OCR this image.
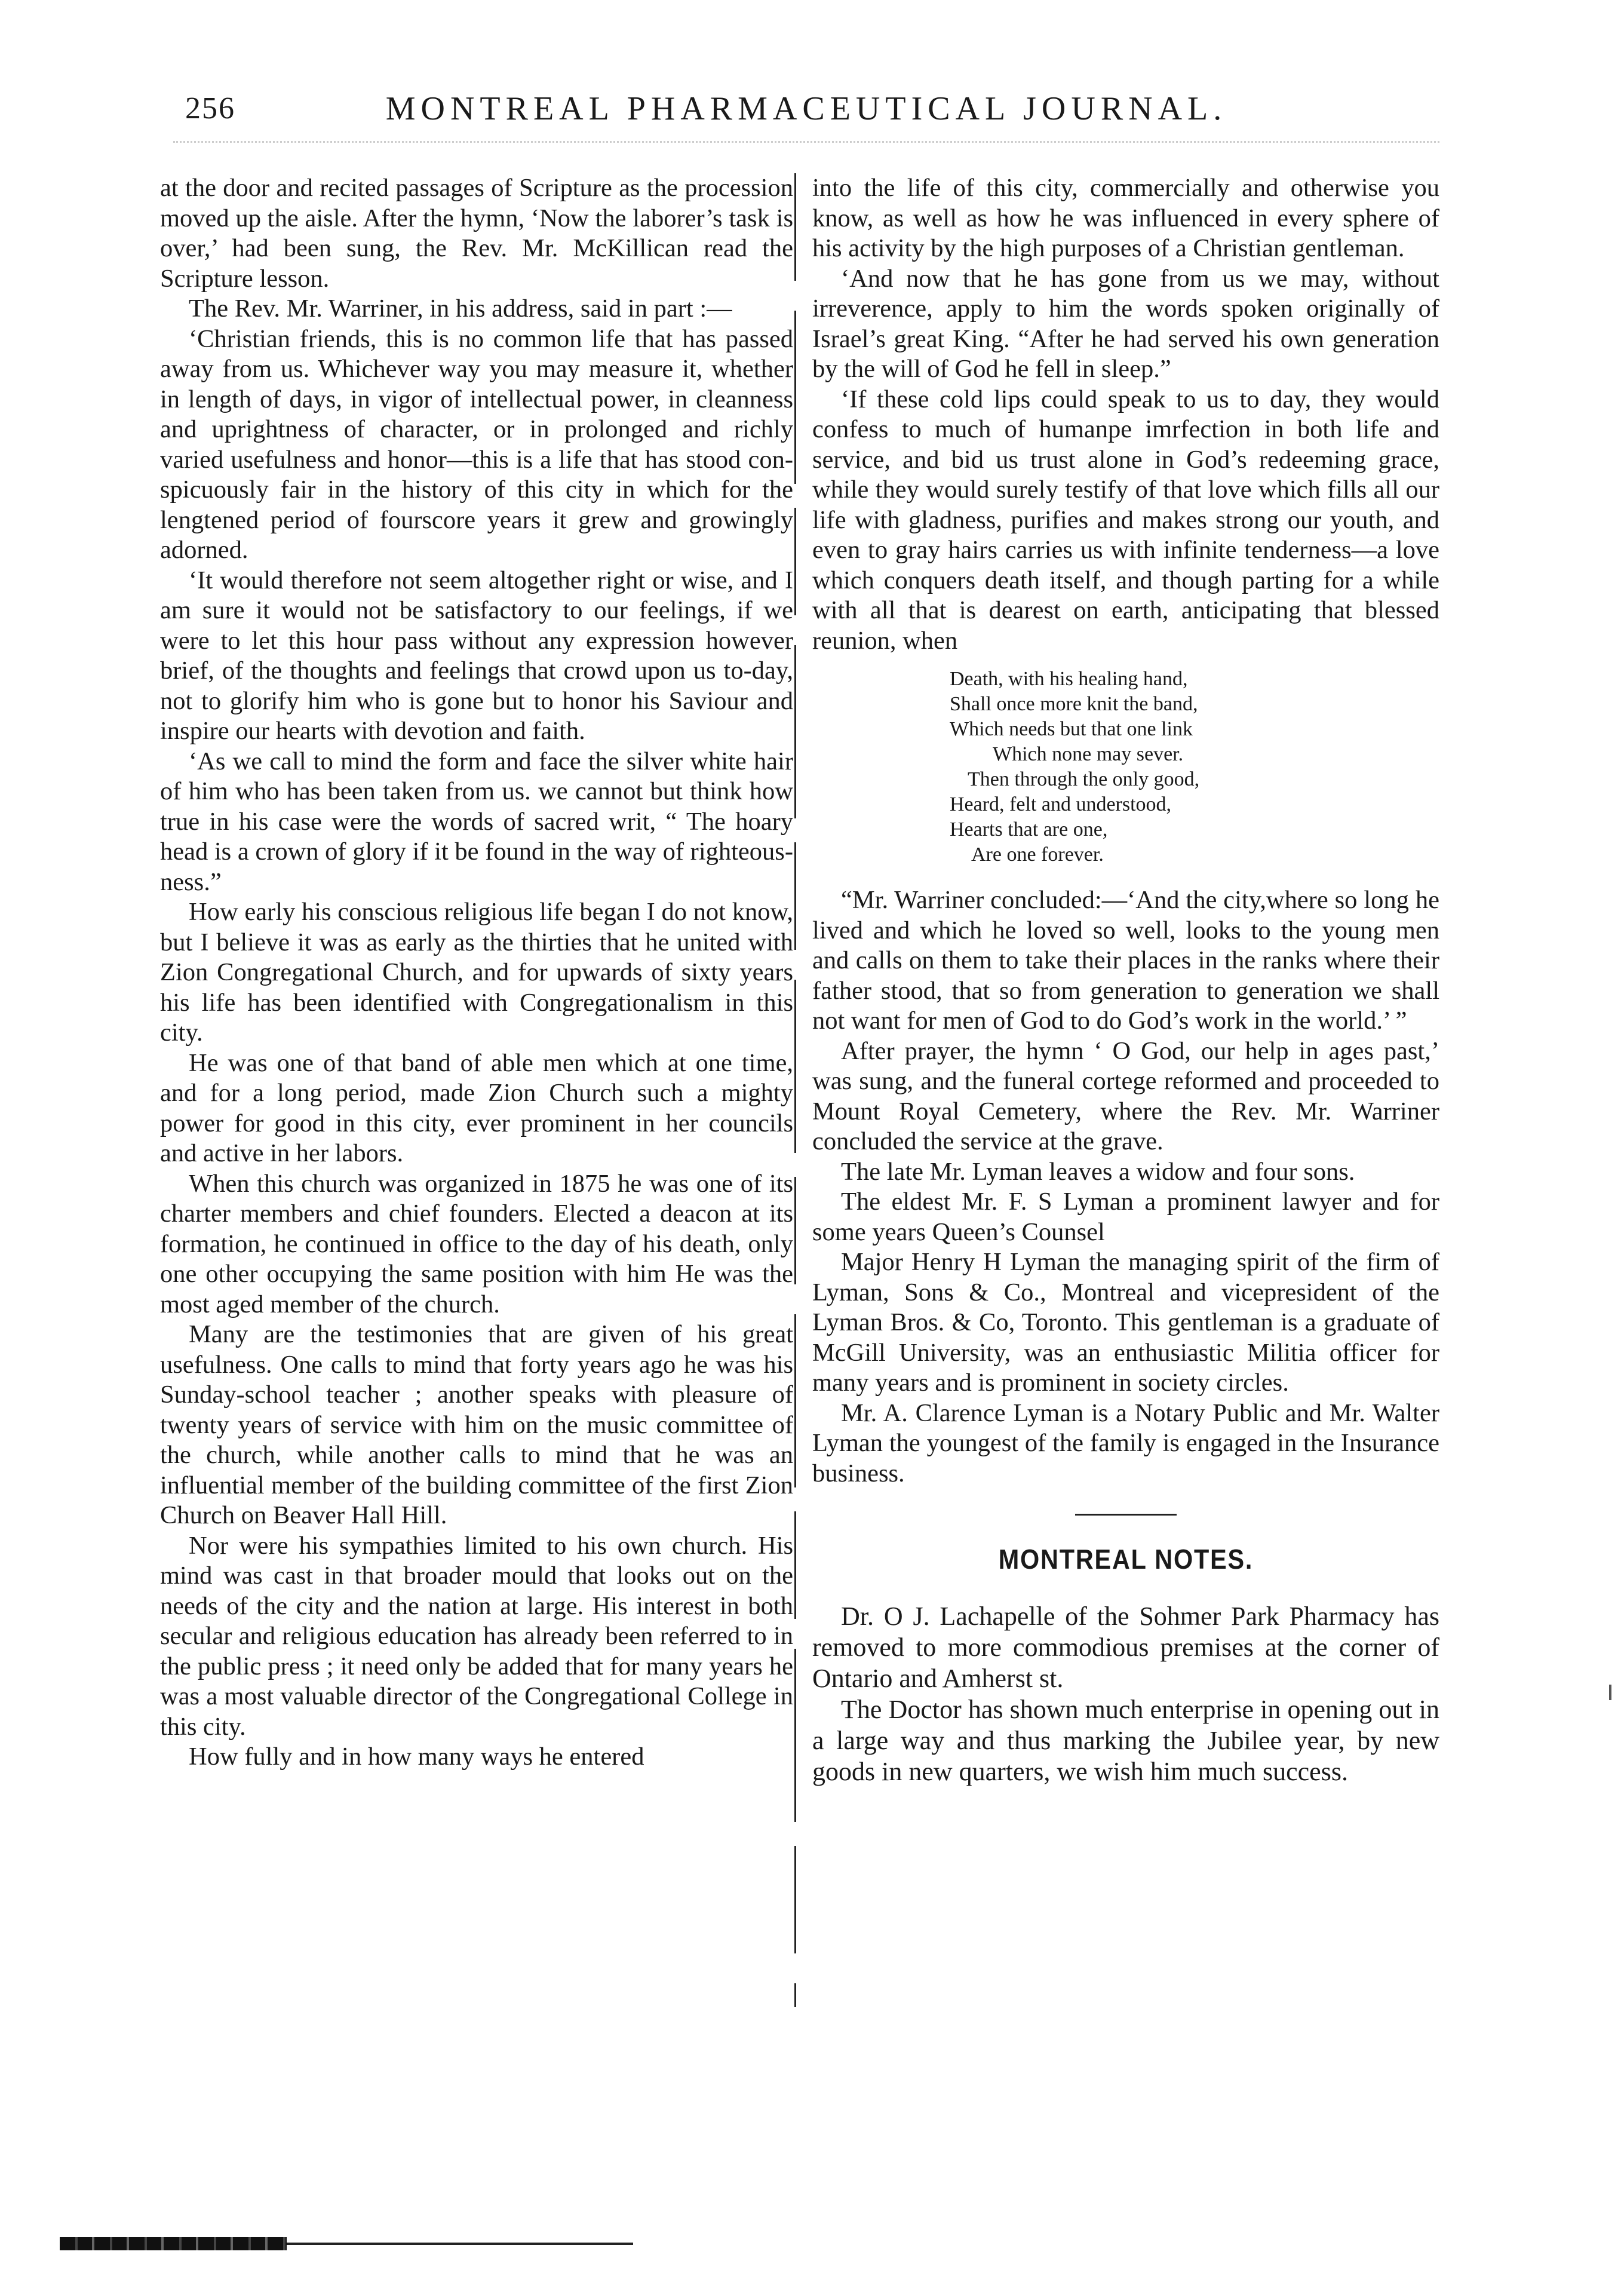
256	MONTREAL PHARMACEUTICAL JOURNAL.

at the door and recited passages of Scripture as the procession moved up the aisle. After the hymn, ‘Now the laborer’s task is over,’ had been sung, the Rev. Mr. McKillican read the Scripture lesson.

The Rev. Mr. Warriner, in his address, said in part :—

‘Christian friends, this is no common life that has passed away from us. Whichever way you may measure it, whether in length of days, in vigor of intellectual power, in cleanness and uprightness of character, or in prolonged and richly varied usefulness and honor—this is a life that has stood conspicuously fair in the history of this city in which for the lengtened period of fourscore years it grew and growingly adorned.

‘It would therefore not seem altogether right or wise, and I am sure it would not be satisfactory to our feelings, if we were to let this hour pass without any expression however brief, of the thoughts and feelings that crowd upon us to-day, not to glorify him who is gone but to honor his Saviour and inspire our hearts with devotion and faith.

‘As we call to mind the form and face the silver white hair of him who has been taken from us. we cannot but think how true in his case were the words of sacred writ, “ The hoary head is a crown of glory if it be found in the way of righteousness.”

How early his conscious religious life began I do not know, but I believe it was as early as the thirties that he united with Zion Congregational Church, and for upwards of sixty years his life has been identified with Congregationalism in this city.

He was one of that band of able men which at one time, and for a long period, made Zion Church such a mighty power for good in this city, ever prominent in her councils and active in her labors.

When this church was organized in 1875 he was one of its charter members and chief founders. Elected a deacon at its formation, he continued in office to the day of his death, only one other occupying the same position with him He was the most aged member of the church.

Many are the testimonies that are given of his great usefulness. One calls to mind that forty years ago he was his Sunday-school teacher ; another speaks with pleasure of twenty years of service with him on the music committee of the church, while another calls to mind that he was an influential member of the building committee of the first Zion Church on Beaver Hall Hill.

Nor were his sympathies limited to his own church. His mind was cast in that broader mould that looks out on the needs of the city and the nation at large. His interest in both secular and religious education has already been referred to in the public press ; it need only be added that for many years he was a most valuable director of the Congregational College in this city.

How fully and in how many ways he entered

into the life of this city, commercially and otherwise you know, as well as how he was influenced in every sphere of his activity by the high purposes of a Christian gentleman.

‘And now that he has gone from us we may, without irreverence, apply to him the words spoken originally of Israel’s great King. “After he had served his own generation by the will of God he fell in sleep.”

‘If these cold lips could speak to us to day, they would confess to much of humanpe imrfection in both life and service, and bid us trust alone in God’s redeeming grace, while they would surely testify of that love which fills all our life with gladness, purifies and makes strong our youth, and even to gray hairs carries us with infinite tenderness—a love which conquers death itself, and though parting for a while with all that is dearest on earth, anticipating that blessed reunion, when

Death, with his healing hand,
Shall once more knit the band,
Which needs but that one link
Which none may sever.
Then through the only good,
Heard, felt and understood,
Hearts that are one,
Are one forever.

“Mr. Warriner concluded:—‘And the city,where so long he lived and which he loved so well, looks to the young men and calls on them to take their places in the ranks where their father stood, that so from generation to generation we shall not want for men of God to do God’s work in the world.’ ”

After prayer, the hymn ‘ O God, our help in ages past,’ was sung, and the funeral cortege reformed and proceeded to Mount Royal Cemetery, where the Rev. Mr. Warriner concluded the service at the grave.

The late Mr. Lyman leaves a widow and four sons.

The eldest Mr. F. S Lyman a prominent lawyer and for some years Queen’s Counsel

Major Henry H Lyman the managing spirit of the firm of Lyman, Sons & Co., Montreal and vicepresident of the Lyman Bros. & Co, Toronto. This gentleman is a graduate of McGill University, was an enthusiastic Militia officer for many years and is prominent in society circles.

Mr. A. Clarence Lyman is a Notary Public and Mr. Walter Lyman the youngest of the family is engaged in the Insurance business.

MONTREAL NOTES.

Dr. O J. Lachapelle of the Sohmer Park Pharmacy has removed to more commodious premises at the corner of Ontario and Amherst st.

The Doctor has shown much enterprise in opening out in a large way and thus marking the Jubilee year, by new goods in new quarters, we wish him much success.
